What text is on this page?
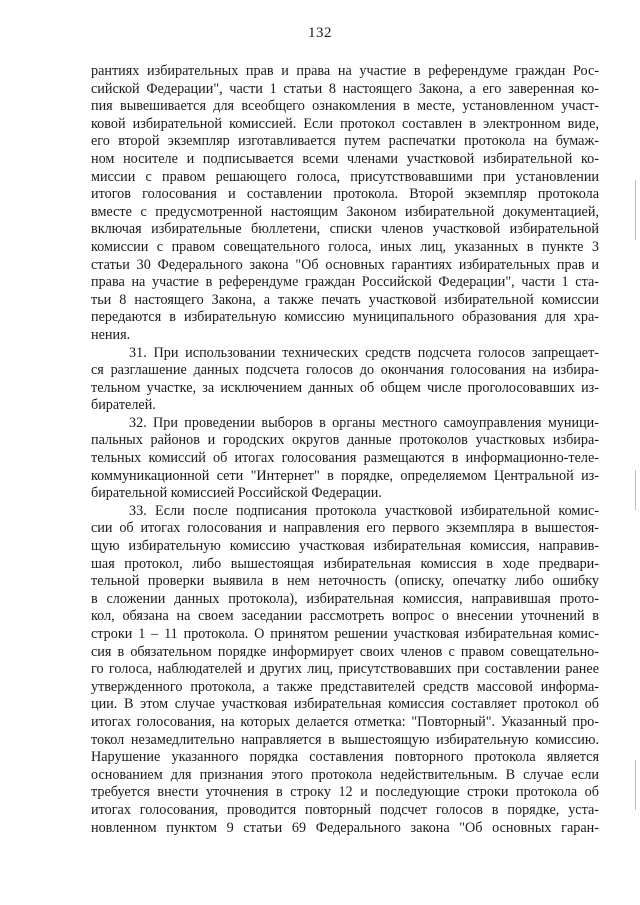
132
рантиях избирательных прав и права на участие в референдуме граждан Рос-
сийской Федерации", части 1 статьи 8 настоящего Закона, а его заверенная ко-
пия вывешивается для всеобщего ознакомления в месте, установленном участ-
ковой избирательной комиссией. Если протокол составлен в электронном виде,
его второй экземпляр изготавливается путем распечатки протокола на бумаж-
ном носителе и подписывается всеми членами участковой избирательной ко-
миссии с правом решающего голоса, присутствовавшими при установлении
итогов голосования и составлении протокола. Второй экземпляр протокола
вместе с предусмотренной настоящим Законом избирательной документацией,
включая избирательные бюллетени, списки членов участковой избирательной
комиссии с правом совещательного голоса, иных лиц, указанных в пункте 3
статьи 30 Федерального закона "Об основных гарантиях избирательных прав и
права на участие в референдуме граждан Российской Федерации", части 1 ста-
тьи 8 настоящего Закона, а также печать участковой избирательной комиссии
передаются в избирательную комиссию муниципального образования для хра-
нения.
31. При использовании технических средств подсчета голосов запрещает-
ся разглашение данных подсчета голосов до окончания голосования на избира-
тельном участке, за исключением данных об общем числе проголосовавших из-
бирателей.
32. При проведении выборов в органы местного самоуправления муници-
пальных районов и городских округов данные протоколов участковых избира-
тельных комиссий об итогах голосования размещаются в информационно-теле-
коммуникационной сети "Интернет" в порядке, определяемом Центральной из-
бирательной комиссией Российской Федерации.
33. Если после подписания протокола участковой избирательной комис-
сии об итогах голосования и направления его первого экземпляра в вышестоя-
щую избирательную комиссию участковая избирательная комиссия, направив-
шая протокол, либо вышестоящая избирательная комиссия в ходе предвари-
тельной проверки выявила в нем неточность (описку, опечатку либо ошибку
в сложении данных протокола), избирательная комиссия, направившая прото-
кол, обязана на своем заседании рассмотреть вопрос о внесении уточнений в
строки 1 – 11 протокола. О принятом решении участковая избирательная комис-
сия в обязательном порядке информирует своих членов с правом совещательно-
го голоса, наблюдателей и других лиц, присутствовавших при составлении ранее
утвержденного протокола, а также представителей средств массовой информа-
ции. В этом случае участковая избирательная комиссия составляет протокол об
итогах голосования, на которых делается отметка: "Повторный". Указанный про-
токол незамедлительно направляется в вышестоящую избирательную комиссию.
Нарушение указанного порядка составления повторного протокола является
основанием для признания этого протокола недействительным. В случае если
требуется внести уточнения в строку 12 и последующие строки протокола об
итогах голосования, проводится повторный подсчет голосов в порядке, уста-
новленном пунктом 9 статьи 69 Федерального закона "Об основных гаран-
